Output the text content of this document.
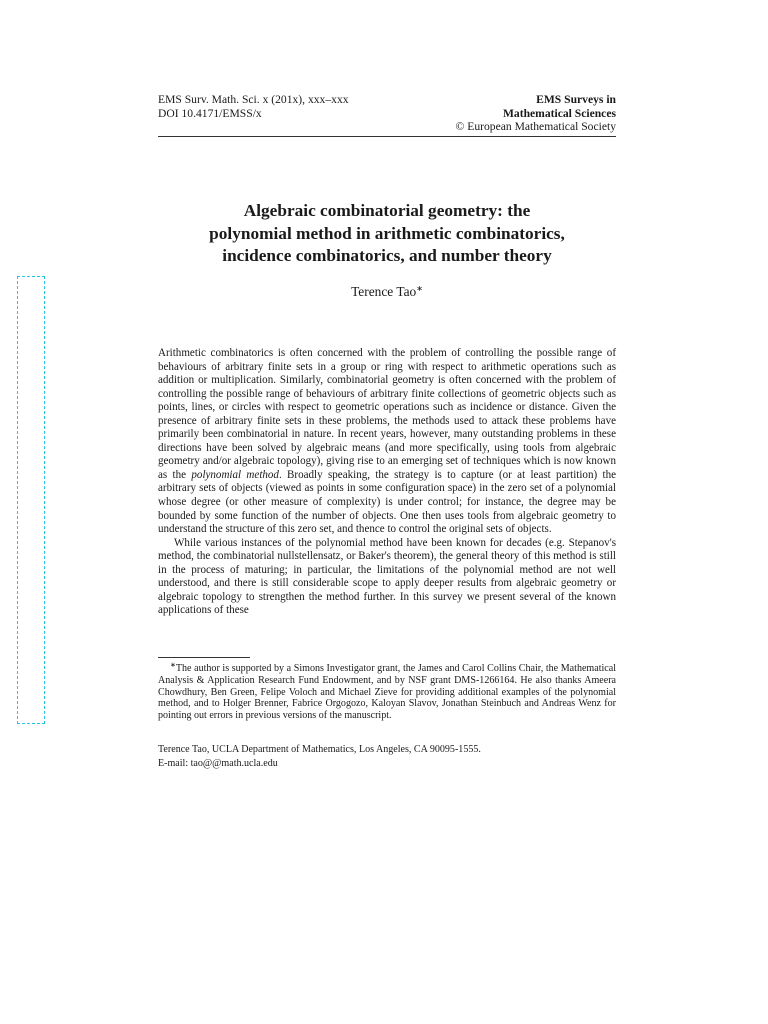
EMS Surv. Math. Sci. x (201x), xxx–xxx
DOI 10.4171/EMSS/x
EMS Surveys in
Mathematical Sciences
© European Mathematical Society
Algebraic combinatorial geometry: the
polynomial method in arithmetic combinatorics,
incidence combinatorics, and number theory
Terence Tao∗

Arithmetic combinatorics is often concerned with the problem of controlling the possible range of behaviours of arbitrary finite sets in a group or ring with respect to arithmetic operations such as addition or multiplication. Similarly, combinatorial geometry is often concerned with the problem of controlling the possible range of behaviours of arbitrary finite collections of geometric objects such as points, lines, or circles with respect to geometric operations such as incidence or distance. Given the presence of arbitrary finite sets in these problems, the methods used to attack these problems have primarily been combinatorial in nature. In recent years, however, many outstanding problems in these directions have been solved by algebraic means (and more specifically, using tools from algebraic geometry and/or algebraic topology), giving rise to an emerging set of techniques which is now known as the polynomial method. Broadly speaking, the strategy is to capture (or at least partition) the arbitrary sets of objects (viewed as points in some configuration space) in the zero set of a polynomial whose degree (or other measure of complexity) is under control; for instance, the degree may be bounded by some function of the number of objects. One then uses tools from algebraic geometry to understand the structure of this zero set, and thence to control the original sets of objects.

While various instances of the polynomial method have been known for decades (e.g. Stepanov's method, the combinatorial nullstellensatz, or Baker's theorem), the general theory of this method is still in the process of maturing; in particular, the limitations of the polynomial method are not well understood, and there is still considerable scope to apply deeper results from algebraic geometry or algebraic topology to strengthen the method further. In this survey we present several of the known applications of these

∗The author is supported by a Simons Investigator grant, the James and Carol Collins Chair, the Mathematical Analysis & Application Research Fund Endowment, and by NSF grant DMS-1266164. He also thanks Ameera Chowdhury, Ben Green, Felipe Voloch and Michael Zieve for providing additional examples of the polynomial method, and to Holger Brenner, Fabrice Orgogozo, Kaloyan Slavov, Jonathan Steinbuch and Andreas Wenz for pointing out errors in previous versions of the manuscript.

Terence Tao, UCLA Department of Mathematics, Los Angeles, CA 90095-1555.
E-mail: tao@@math.ucla.edu
